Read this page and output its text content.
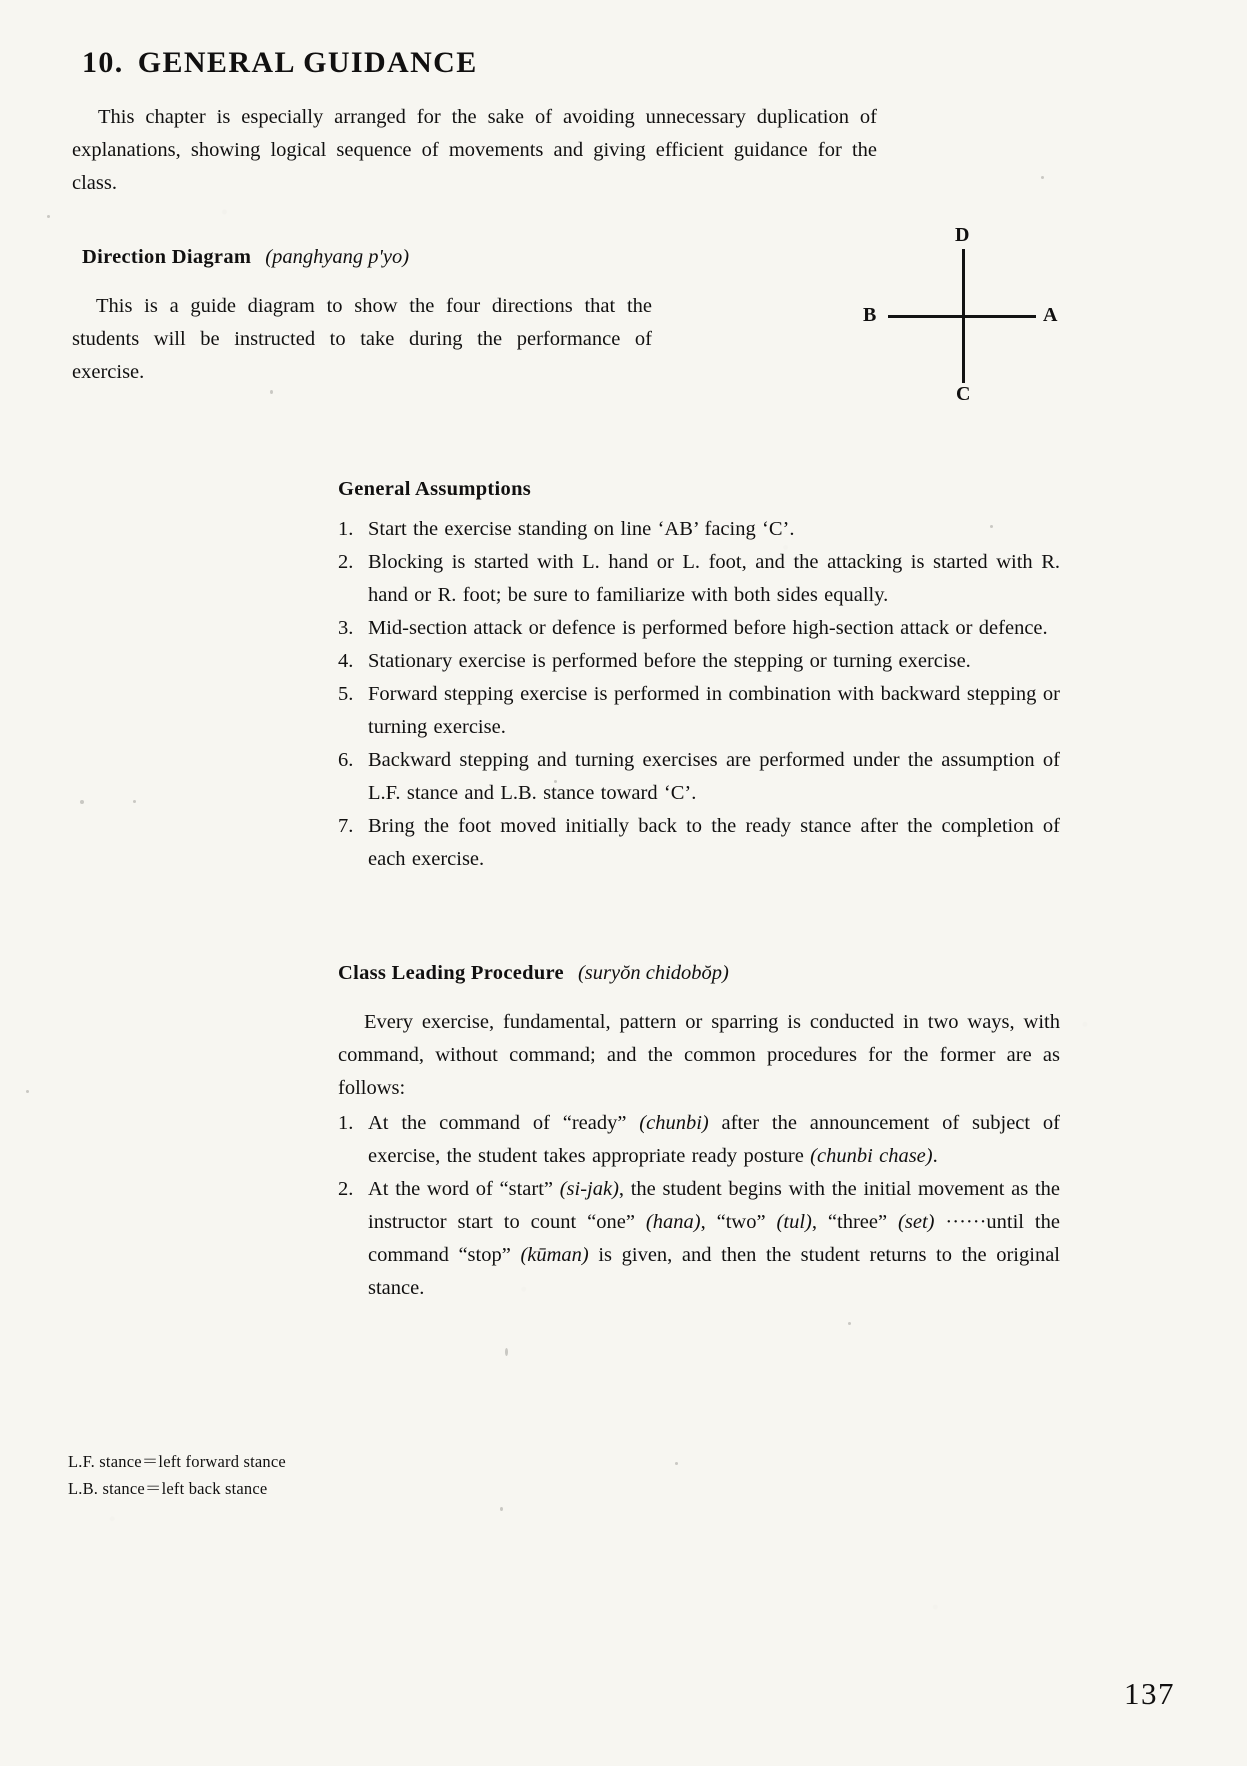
10. GENERAL GUIDANCE

This chapter is especially arranged for the sake of avoiding unnecessary duplication of explanations, showing logical sequence of movements and giving efficient guidance for the class.

Direction Diagram (panghyang p'yo)

This is a guide diagram to show the four directions that the students will be instructed to take during the performance of exercise.

D
C
A
B
General Assumptions
1. Start the exercise standing on line ‘AB’ facing ‘C’.
2. Blocking is started with L. hand or L. foot, and the attacking is started with R. hand or R. foot; be sure to familiarize with both sides equally.
3. Mid-section attack or defence is performed before high-section attack or defence.
4. Stationary exercise is performed before the stepping or turning exercise.
5. Forward stepping exercise is performed in combination with backward stepping or turning exercise.
6. Backward stepping and turning exercises are performed under the assumption of L.F. stance and L.B. stance toward ‘C’.
7. Bring the foot moved initially back to the ready stance after the completion of each exercise.
Class Leading Procedure (suryŏn chidobŏp)

Every exercise, fundamental, pattern or sparring is conducted in two ways, with command, without command; and the common procedures for the former are as follows:

1. At the command of “ready” (chunbi) after the announcement of subject of exercise, the student takes appropriate ready posture (chunbi chase).
2. At the word of “start” (si-jak), the student begins with the initial movement as the instructor start to count “one” (hana), “two” (tul), “three” (set) ······until the command “stop” (kūman) is given, and then the student returns to the original stance.
L.F. stance＝left forward stance
L.B. stance＝left back stance
137
